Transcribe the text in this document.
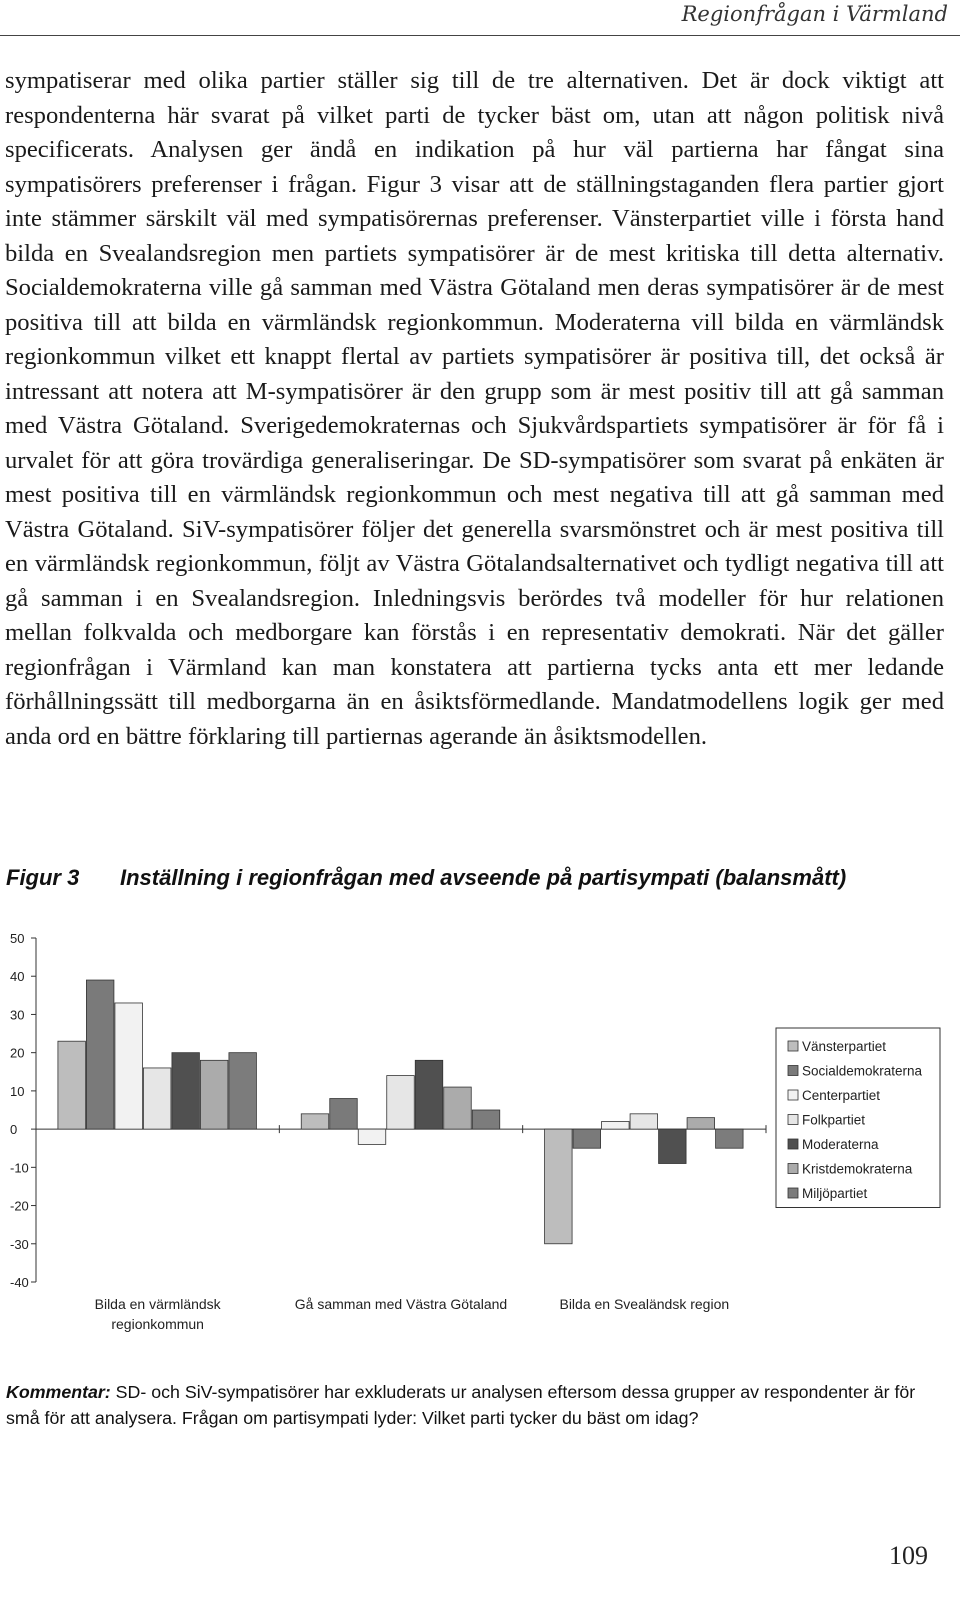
Regionfrågan i Värmland

sympatiserar med olika partier ställer sig till de tre alternativen. Det är dock viktigt att respondenterna här svarat på vilket parti de tycker bäst om, utan att någon politisk nivå specificerats. Analysen ger ändå en indikation på hur väl partierna har fångat sina sympatisörers preferenser i frågan. Figur 3 visar att de ställningstaganden flera partier gjort inte stämmer särskilt väl med sympatisörernas preferenser. Vänsterpartiet ville i första hand bilda en Svealandsregion men partiets sympatisörer är de mest kritiska till detta alternativ. Socialdemokraterna ville gå samman med Västra Götaland men deras sympatisörer är de mest positiva till att bilda en värmländsk regionkommun. Moderaterna vill bilda en värmländsk regionkommun vilket ett knappt flertal av partiets sympatisörer är positiva till, det också är intressant att notera att M-sympatisörer är den grupp som är mest positiv till att gå samman med Västra Götaland. Sverigedemokraternas och Sjukvårdspartiets sympatisörer är för få i urvalet för att göra trovärdiga generaliseringar. De SD-sympatisörer som svarat på enkäten är mest positiva till en värmländsk regionkommun och mest negativa till att gå samman med Västra Götaland. SiV-sympatisörer följer det generella svarsmönstret och är mest positiva till en värmländsk regionkommun, följt av Västra Götalandsalternativet och tydligt negativa till att gå samman i en Svealandsregion. Inledningsvis berördes två modeller för hur relationen mellan folkvalda och medborgare kan förstås i en representativ demokrati. När det gäller regionfrågan i Värmland kan man konstatera att partierna tycks anta ett mer ledande förhållningssätt till medborgarna än en åsiktsförmedlande. Mandatmodellens logik ger med anda ord en bättre förklaring till partiernas agerande än åsiktsmodellen.

Figur 3 Inställning i regionfrågan med avseende på partisympati (balansmått)
50
40
30
20
10
0
-10
-20
-30
-40
Bilda en värmländsk
regionkommun
Gå samman med Västra Götaland	Bilda en Svealändsk region
Vänsterpartiet
Socialdemokraterna
Centerpartiet
Folkpartiet
Moderaterna
Kristdemokraterna
Miljöpartiet

Kommentar: SD- och SiV-sympatisörer har exkluderats ur analysen eftersom dessa grupper av respondenter är för små för att analysera. Frågan om partisympati lyder: Vilket parti tycker du bäst om idag?

109
